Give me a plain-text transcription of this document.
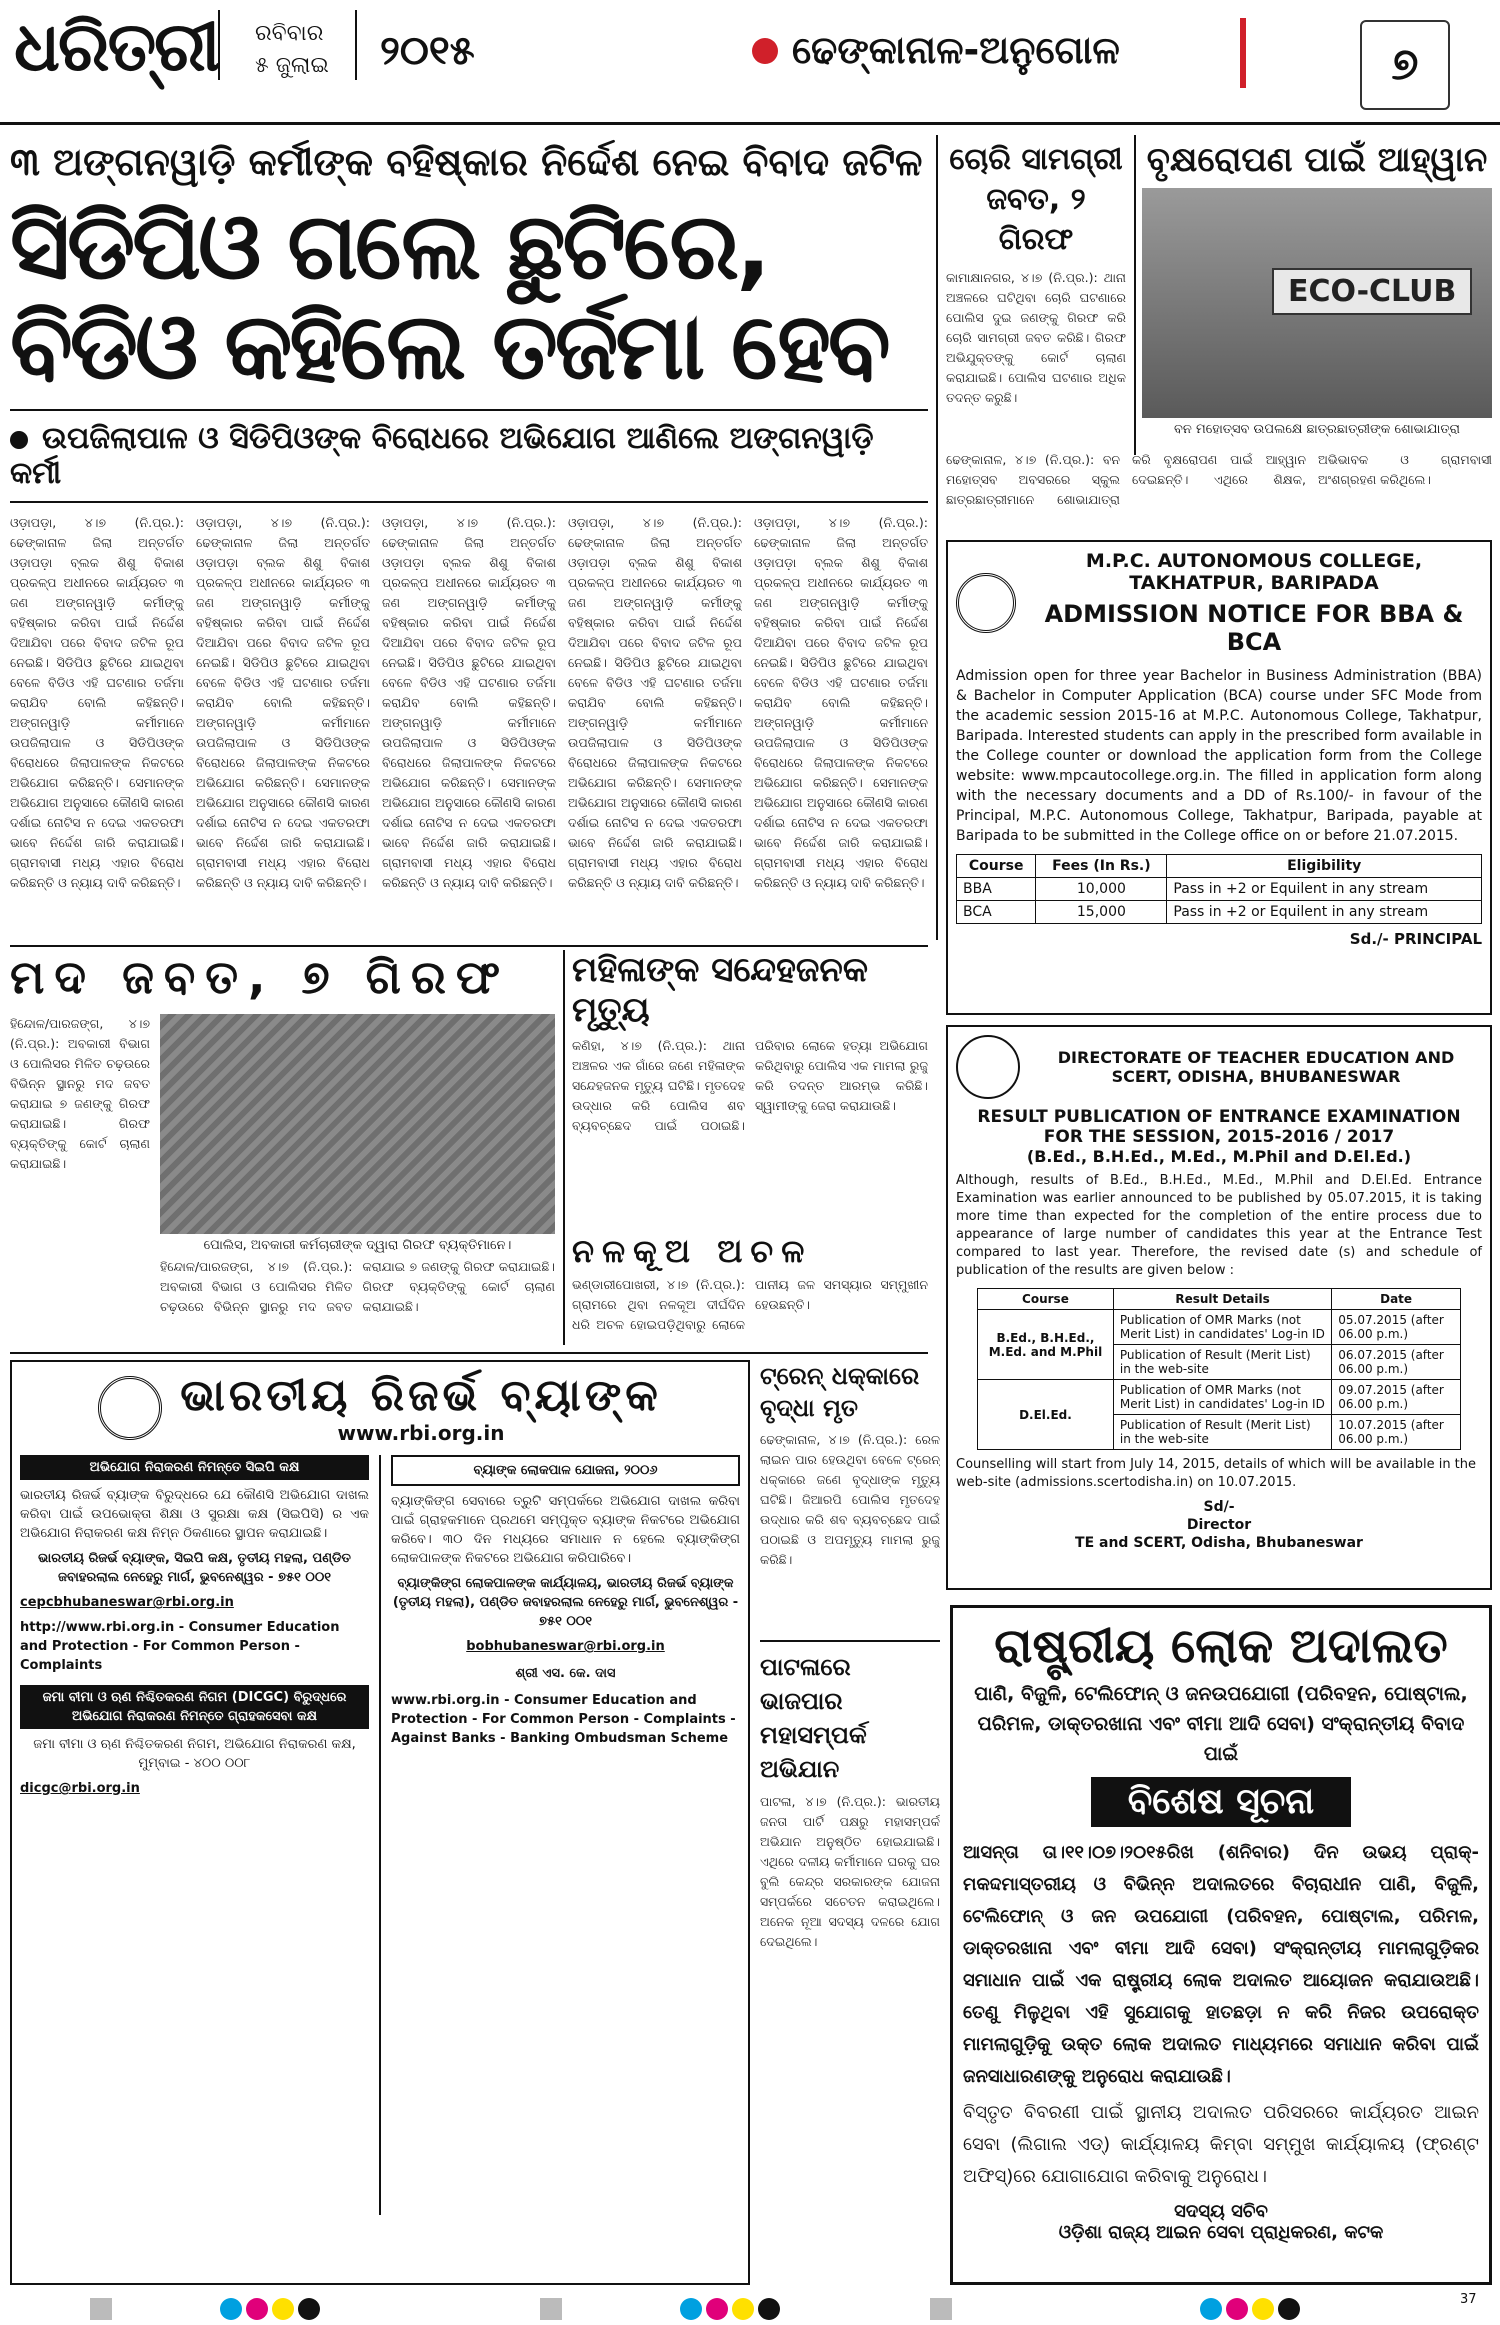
ଧରିତ୍ରୀ ରବିବାର
୫ ଜୁଲାଇ ୨୦୧୫	ଢେଙ୍କାନାଳ-ଅନୁଗୋଳ	୭
୩ ଅଙ୍ଗନୱାଡ଼ି କର୍ମୀଙ୍କ ବହିଷ୍କାର ନିର୍ଦ୍ଦେଶ ନେଇ ବିବାଦ ଜଟିଳ
ସିଡିପିଓ ଗଲେ ଛୁଟିରେ, ବିଡିଓ କହିଲେ ତର୍ଜମା ହେବ
ଉପଜିଲାପାଳ ଓ ସିଡିପିଓଙ୍କ ବିରୋଧରେ ଅଭିଯୋଗ ଆଣିଲେ ଅଙ୍ଗନୱାଡ଼ି କର୍ମୀ
ଓଡ଼ାପଡ଼ା, ୪।୭ (ନି.ପ୍ର.): ଢେଙ୍କାନାଳ ଜିଲା ଅନ୍ତର୍ଗତ ଓଡ଼ାପଡ଼ା ବ୍ଲକ ଶିଶୁ ବିକାଶ ପ୍ରକଳ୍ପ ଅଧୀନରେ କାର୍ଯ୍ୟରତ ୩ ଜଣ ଅଙ୍ଗନୱାଡ଼ି କର୍ମୀଙ୍କୁ ବହିଷ୍କାର କରିବା ପାଇଁ ନିର୍ଦ୍ଦେଶ ଦିଆଯିବା ପରେ ବିବାଦ ଜଟିଳ ରୂପ ନେଇଛି। ସିଡିପିଓ ଛୁଟିରେ ଯାଇଥିବା ବେଳେ ବିଡିଓ ଏହି ଘଟଣାର ତର୍ଜମା କରାଯିବ ବୋଲି କହିଛନ୍ତି। ଅଙ୍ଗନୱାଡ଼ି କର୍ମୀମାନେ ଉପଜିଲାପାଳ ଓ ସିଡିପିଓଙ୍କ ବିରୋଧରେ ଜିଲାପାଳଙ୍କ ନିକଟରେ ଅଭିଯୋଗ କରିଛନ୍ତି। ସେମାନଙ୍କ ଅଭିଯୋଗ ଅନୁସାରେ କୌଣସି କାରଣ ଦର୍ଶାଇ ନୋଟିସ ନ ଦେଇ ଏକତରଫା ଭାବେ ନିର୍ଦ୍ଦେଶ ଜାରି କରାଯାଇଛି। ଗ୍ରାମବାସୀ ମଧ୍ୟ ଏହାର ବିରୋଧ କରିଛନ୍ତି ଓ ନ୍ୟାୟ ଦାବି କରିଛନ୍ତି।
ଓଡ଼ାପଡ଼ା, ୪।୭ (ନି.ପ୍ର.): ଢେଙ୍କାନାଳ ଜିଲା ଅନ୍ତର୍ଗତ ଓଡ଼ାପଡ଼ା ବ୍ଲକ ଶିଶୁ ବିକାଶ ପ୍ରକଳ୍ପ ଅଧୀନରେ କାର୍ଯ୍ୟରତ ୩ ଜଣ ଅଙ୍ଗନୱାଡ଼ି କର୍ମୀଙ୍କୁ ବହିଷ୍କାର କରିବା ପାଇଁ ନିର୍ଦ୍ଦେଶ ଦିଆଯିବା ପରେ ବିବାଦ ଜଟିଳ ରୂପ ନେଇଛି। ସିଡିପିଓ ଛୁଟିରେ ଯାଇଥିବା ବେଳେ ବିଡିଓ ଏହି ଘଟଣାର ତର୍ଜମା କରାଯିବ ବୋଲି କହିଛନ୍ତି। ଅଙ୍ଗନୱାଡ଼ି କର୍ମୀମାନେ ଉପଜିଲାପାଳ ଓ ସିଡିପିଓଙ୍କ ବିରୋଧରେ ଜିଲାପାଳଙ୍କ ନିକଟରେ ଅଭିଯୋଗ କରିଛନ୍ତି। ସେମାନଙ୍କ ଅଭିଯୋଗ ଅନୁସାରେ କୌଣସି କାରଣ ଦର୍ଶାଇ ନୋଟିସ ନ ଦେଇ ଏକତରଫା ଭାବେ ନିର୍ଦ୍ଦେଶ ଜାରି କରାଯାଇଛି। ଗ୍ରାମବାସୀ ମଧ୍ୟ ଏହାର ବିରୋଧ କରିଛନ୍ତି ଓ ନ୍ୟାୟ ଦାବି କରିଛନ୍ତି।
ଓଡ଼ାପଡ଼ା, ୪।୭ (ନି.ପ୍ର.): ଢେଙ୍କାନାଳ ଜିଲା ଅନ୍ତର୍ଗତ ଓଡ଼ାପଡ଼ା ବ୍ଲକ ଶିଶୁ ବିକାଶ ପ୍ରକଳ୍ପ ଅଧୀନରେ କାର୍ଯ୍ୟରତ ୩ ଜଣ ଅଙ୍ଗନୱାଡ଼ି କର୍ମୀଙ୍କୁ ବହିଷ୍କାର କରିବା ପାଇଁ ନିର୍ଦ୍ଦେଶ ଦିଆଯିବା ପରେ ବିବାଦ ଜଟିଳ ରୂପ ନେଇଛି। ସିଡିପିଓ ଛୁଟିରେ ଯାଇଥିବା ବେଳେ ବିଡିଓ ଏହି ଘଟଣାର ତର୍ଜମା କରାଯିବ ବୋଲି କହିଛନ୍ତି। ଅଙ୍ଗନୱାଡ଼ି କର୍ମୀମାନେ ଉପଜିଲାପାଳ ଓ ସିଡିପିଓଙ୍କ ବିରୋଧରେ ଜିଲାପାଳଙ୍କ ନିକଟରେ ଅଭିଯୋଗ କରିଛନ୍ତି। ସେମାନଙ୍କ ଅଭିଯୋଗ ଅନୁସାରେ କୌଣସି କାରଣ ଦର୍ଶାଇ ନୋଟିସ ନ ଦେଇ ଏକତରଫା ଭାବେ ନିର୍ଦ୍ଦେଶ ଜାରି କରାଯାଇଛି। ଗ୍ରାମବାସୀ ମଧ୍ୟ ଏହାର ବିରୋଧ କରିଛନ୍ତି ଓ ନ୍ୟାୟ ଦାବି କରିଛନ୍ତି।
ଓଡ଼ାପଡ଼ା, ୪।୭ (ନି.ପ୍ର.): ଢେଙ୍କାନାଳ ଜିଲା ଅନ୍ତର୍ଗତ ଓଡ଼ାପଡ଼ା ବ୍ଲକ ଶିଶୁ ବିକାଶ ପ୍ରକଳ୍ପ ଅଧୀନରେ କାର୍ଯ୍ୟରତ ୩ ଜଣ ଅଙ୍ଗନୱାଡ଼ି କର୍ମୀଙ୍କୁ ବହିଷ୍କାର କରିବା ପାଇଁ ନିର୍ଦ୍ଦେଶ ଦିଆଯିବା ପରେ ବିବାଦ ଜଟିଳ ରୂପ ନେଇଛି। ସିଡିପିଓ ଛୁଟିରେ ଯାଇଥିବା ବେଳେ ବିଡିଓ ଏହି ଘଟଣାର ତର୍ଜମା କରାଯିବ ବୋଲି କହିଛନ୍ତି। ଅଙ୍ଗନୱାଡ଼ି କର୍ମୀମାନେ ଉପଜିଲାପାଳ ଓ ସିଡିପିଓଙ୍କ ବିରୋଧରେ ଜିଲାପାଳଙ୍କ ନିକଟରେ ଅଭିଯୋଗ କରିଛନ୍ତି। ସେମାନଙ୍କ ଅଭିଯୋଗ ଅନୁସାରେ କୌଣସି କାରଣ ଦର୍ଶାଇ ନୋଟିସ ନ ଦେଇ ଏକତରଫା ଭାବେ ନିର୍ଦ୍ଦେଶ ଜାରି କରାଯାଇଛି। ଗ୍ରାମବାସୀ ମଧ୍ୟ ଏହାର ବିରୋଧ କରିଛନ୍ତି ଓ ନ୍ୟାୟ ଦାବି କରିଛନ୍ତି।
ଓଡ଼ାପଡ଼ା, ୪।୭ (ନି.ପ୍ର.): ଢେଙ୍କାନାଳ ଜିଲା ଅନ୍ତର୍ଗତ ଓଡ଼ାପଡ଼ା ବ୍ଲକ ଶିଶୁ ବିକାଶ ପ୍ରକଳ୍ପ ଅଧୀନରେ କାର୍ଯ୍ୟରତ ୩ ଜଣ ଅଙ୍ଗନୱାଡ଼ି କର୍ମୀଙ୍କୁ ବହିଷ୍କାର କରିବା ପାଇଁ ନିର୍ଦ୍ଦେଶ ଦିଆଯିବା ପରେ ବିବାଦ ଜଟିଳ ରୂପ ନେଇଛି। ସିଡିପିଓ ଛୁଟିରେ ଯାଇଥିବା ବେଳେ ବିଡିଓ ଏହି ଘଟଣାର ତର୍ଜମା କରାଯିବ ବୋଲି କହିଛନ୍ତି। ଅଙ୍ଗନୱାଡ଼ି କର୍ମୀମାନେ ଉପଜିଲାପାଳ ଓ ସିଡିପିଓଙ୍କ ବିରୋଧରେ ଜିଲାପାଳଙ୍କ ନିକଟରେ ଅଭିଯୋଗ କରିଛନ୍ତି। ସେମାନଙ୍କ ଅଭିଯୋଗ ଅନୁସାରେ କୌଣସି କାରଣ ଦର୍ଶାଇ ନୋଟିସ ନ ଦେଇ ଏକତରଫା ଭାବେ ନିର୍ଦ୍ଦେଶ ଜାରି କରାଯାଇଛି। ଗ୍ରାମବାସୀ ମଧ୍ୟ ଏହାର ବିରୋଧ କରିଛନ୍ତି ଓ ନ୍ୟାୟ ଦାବି କରିଛନ୍ତି।
ଚୋରି ସାମଗ୍ରୀ ଜବତ, ୨ ଗିରଫ
କାମାକ୍ଷାନଗର, ୪।୭ (ନି.ପ୍ର.): ଥାନା ଅଞ୍ଚଳରେ ଘଟିଥିବା ଚୋରି ଘଟଣାରେ ପୋଲିସ ଦୁଇ ଜଣଙ୍କୁ ଗିରଫ କରି ଚୋରି ସାମଗ୍ରୀ ଜବତ କରିଛି। ଗିରଫ ଅଭିଯୁକ୍ତଙ୍କୁ କୋର୍ଟ ଚାଲାଣ କରାଯାଇଛି। ପୋଲିସ ଘଟଣାର ଅଧିକ ତଦନ୍ତ କରୁଛି।
ବୃକ୍ଷରୋପଣ ପାଇଁ ଆହ୍ୱାନ
ECO-CLUB
ବନ ମହୋତ୍ସବ ଉପଲକ୍ଷେ ଛାତ୍ରଛାତ୍ରୀଙ୍କ ଶୋଭାଯାତ୍ରା
ଢେଙ୍କାନାଳ, ୪।୭ (ନି.ପ୍ର.): ବନ ମହୋତ୍ସବ ଅବସରରେ ସ୍କୁଲ ଛାତ୍ରଛାତ୍ରୀମାନେ ଶୋଭାଯାତ୍ରା କରି ବୃକ୍ଷରୋପଣ ପାଇଁ ଆହ୍ୱାନ ଦେଇଛନ୍ତି। ଏଥିରେ ଶିକ୍ଷକ, ଅଭିଭାବକ ଓ ଗ୍ରାମବାସୀ ଅଂଶଗ୍ରହଣ କରିଥିଲେ।
M.P.C. AUTONOMOUS COLLEGE, TAKHATPUR, BARIPADA
ADMISSION NOTICE FOR BBA & BCA
Admission open for three year Bachelor in Business Administration (BBA) & Bachelor in Computer Application (BCA) course under SFC Mode from the academic session 2015-16 at M.P.C. Autonomous College, Takhatpur, Baripada. Interested students can apply in the prescribed form available in the College counter or download the application form from the College website: www.mpcautocollege.org.in. The filled in application form along with the necessary documents and a DD of Rs.100/- in favour of the Principal, M.P.C. Autonomous College, Takhatpur, Baripada, payable at Baripada to be submitted in the College office on or before 21.07.2015.
Course	Fees (In Rs.)	Eligibility
BBA	10,000	Pass in +2 or Equilent in any stream
BCA	15,000	Pass in +2 or Equilent in any stream
Sd./- PRINCIPAL
ମଦ ଜବତ, ୭ ଗିରଫ
ହିନ୍ଦୋଳ/ପାରଜଙ୍ଗ, ୪।୭ (ନି.ପ୍ର.): ଅବକାରୀ ବିଭାଗ ଓ ପୋଲିସର ମିଳିତ ଚଢ଼ଉରେ ବିଭିନ୍ନ ସ୍ଥାନରୁ ମଦ ଜବତ କରାଯାଇ ୭ ଜଣଙ୍କୁ ଗିରଫ କରାଯାଇଛି। ଗିରଫ ବ୍ୟକ୍ତିଙ୍କୁ କୋର୍ଟ ଚାଲାଣ କରାଯାଇଛି।
ପୋଲିସ, ଅବକାରୀ କର୍ମଚାରୀଙ୍କ ଦ୍ୱାରା ଗିରଫ ବ୍ୟକ୍ତିମାନେ।
ହିନ୍ଦୋଳ/ପାରଜଙ୍ଗ, ୪।୭ (ନି.ପ୍ର.): ଅବକାରୀ ବିଭାଗ ଓ ପୋଲିସର ମିଳିତ ଚଢ଼ଉରେ ବିଭିନ୍ନ ସ୍ଥାନରୁ ମଦ ଜବତ କରାଯାଇ ୭ ଜଣଙ୍କୁ ଗିରଫ କରାଯାଇଛି। ଗିରଫ ବ୍ୟକ୍ତିଙ୍କୁ କୋର୍ଟ ଚାଲାଣ କରାଯାଇଛି।
ମହିଳାଙ୍କ ସନ୍ଦେହଜନକ ମୃତ୍ୟୁ
କଣିହା, ୪।୭ (ନି.ପ୍ର.): ଥାନା ଅଞ୍ଚଳର ଏକ ଗାଁରେ ଜଣେ ମହିଳାଙ୍କ ସନ୍ଦେହଜନକ ମୃତ୍ୟୁ ଘଟିଛି। ମୃତଦେହ ଉଦ୍ଧାର କରି ପୋଲିସ ଶବ ବ୍ୟବଚ୍ଛେଦ ପାଇଁ ପଠାଇଛି। ପରିବାର ଲୋକେ ହତ୍ୟା ଅଭିଯୋଗ କରିଥିବାରୁ ପୋଲିସ ଏକ ମାମଲା ରୁଜୁ କରି ତଦନ୍ତ ଆରମ୍ଭ କରିଛି। ସ୍ୱାମୀଙ୍କୁ ଜେରା କରାଯାଉଛି।
ନଳକୂଅ ଅଚଳ
ଭଣ୍ଡାରୀପୋଖରୀ, ୪।୭ (ନି.ପ୍ର.): ଗ୍ରାମରେ ଥିବା ନଳକୂଅ ଦୀର୍ଘଦିନ ଧରି ଅଚଳ ହୋଇପଡ଼ିଥିବାରୁ ଲୋକେ ପାନୀୟ ଜଳ ସମସ୍ୟାର ସମ୍ମୁଖୀନ ହେଉଛନ୍ତି।
DIRECTORATE OF TEACHER EDUCATION AND SCERT, ODISHA, BHUBANESWAR
RESULT PUBLICATION OF ENTRANCE EXAMINATION FOR THE SESSION, 2015-2016 / 2017
(B.Ed., B.H.Ed., M.Ed., M.Phil and D.El.Ed.)
Although, results of B.Ed., B.H.Ed., M.Ed., M.Phil and D.El.Ed. Entrance Examination was earlier announced to be published by 05.07.2015, it is taking more time than expected for the completion of the entire process due to appearance of large number of candidates this year at the Entrance Test compared to last year. Therefore, the revised date (s) and schedule of publication of the results are given below :
Course	Result Details	Date
B.Ed., B.H.Ed., M.Ed. and M.Phil	Publication of OMR Marks (not Merit List) in candidates' Log-in ID	05.07.2015 (after 06.00 p.m.)
	Publication of Result (Merit List) in the web-site	06.07.2015 (after 06.00 p.m.)
D.El.Ed.	Publication of OMR Marks (not Merit List) in candidates' Log-in ID	09.07.2015 (after 06.00 p.m.)
	Publication of Result (Merit List) in the web-site	10.07.2015 (after 06.00 p.m.)
Counselling will start from July 14, 2015, details of which will be available in the web-site (admissions.scertodisha.in) on 10.07.2015.
Sd/-
Director
TE and SCERT, Odisha, Bhubaneswar
ଭାରତୀୟ ରିଜର୍ଭ ବ୍ୟାଙ୍କ
www.rbi.org.in
ଅଭିଯୋଗ ନିରାକରଣ ନିମନ୍ତେ ସିଇପି କକ୍ଷ
ଭାରତୀୟ ରିଜର୍ଭ ବ୍ୟାଙ୍କ ବିରୁଦ୍ଧରେ ଯେ କୌଣସି ଅଭିଯୋଗ ଦାଖଲ କରିବା ପାଇଁ ଉପଭୋକ୍ତା ଶିକ୍ଷା ଓ ସୁରକ୍ଷା କକ୍ଷ (ସିଇପିସି) ର ଏକ ଅଭିଯୋଗ ନିରାକରଣ କକ୍ଷ ନିମ୍ନ ଠିକଣାରେ ସ୍ଥାପନ କରାଯାଇଛି।
ଭାରତୀୟ ରିଜର୍ଭ ବ୍ୟାଙ୍କ, ସିଇପି କକ୍ଷ, ତୃତୀୟ ମହଲା, ପଣ୍ଡିତ ଜବାହରଲାଲ ନେହେରୁ ମାର୍ଗ, ଭୁବନେଶ୍ୱର - ୭୫୧ ୦୦୧
cepcbhubaneswar@rbi.org.in
http://www.rbi.org.in - Consumer Education and Protection - For Common Person - Complaints
ଜମା ବୀମା ଓ ଋଣ ନିଶ୍ଚିତକରଣ ନିଗମ (DICGC) ବିରୁଦ୍ଧରେ ଅଭିଯୋଗ ନିରାକରଣ ନିମନ୍ତେ ଗ୍ରାହକସେବା କକ୍ଷ
ଜମା ବୀମା ଓ ଋଣ ନିଶ୍ଚିତକରଣ ନିଗମ, ଅଭିଯୋଗ ନିରାକରଣ କକ୍ଷ, ମୁମ୍ବାଇ - ୪୦୦ ୦୦୮
dicgc@rbi.org.in
ବ୍ୟାଙ୍କ ଲୋକପାଳ ଯୋଜନା, ୨୦୦୬
ବ୍ୟାଙ୍କିଙ୍ଗ ସେବାରେ ତ୍ରୁଟି ସମ୍ପର୍କରେ ଅଭିଯୋଗ ଦାଖଲ କରିବା ପାଇଁ ଗ୍ରାହକମାନେ ପ୍ରଥମେ ସମ୍ପୃକ୍ତ ବ୍ୟାଙ୍କ ନିକଟରେ ଅଭିଯୋଗ କରିବେ। ୩୦ ଦିନ ମଧ୍ୟରେ ସମାଧାନ ନ ହେଲେ ବ୍ୟାଙ୍କିଙ୍ଗ ଲୋକପାଳଙ୍କ ନିକଟରେ ଅଭିଯୋଗ କରିପାରିବେ।
ବ୍ୟାଙ୍କିଙ୍ଗ ଲୋକପାଳଙ୍କ କାର୍ଯ୍ୟାଳୟ, ଭାରତୀୟ ରିଜର୍ଭ ବ୍ୟାଙ୍କ (ତୃତୀୟ ମହଲା), ପଣ୍ଡିତ ଜବାହରଲାଲ ନେହେରୁ ମାର୍ଗ, ଭୁବନେଶ୍ୱର - ୭୫୧ ୦୦୧
bobhubaneswar@rbi.org.in
ଶ୍ରୀ ଏସ. କେ. ଦାସ
www.rbi.org.in - Consumer Education and Protection - For Common Person - Complaints - Against Banks - Banking Ombudsman Scheme
ଟ୍ରେନ୍ ଧକ୍କାରେ ବୃଦ୍ଧା ମୃତ
ଢେଙ୍କାନାଳ, ୪।୭ (ନି.ପ୍ର.): ରେଳ ଲାଇନ ପାର ହେଉଥିବା ବେଳେ ଟ୍ରେନ୍ ଧକ୍କାରେ ଜଣେ ବୃଦ୍ଧାଙ୍କ ମୃତ୍ୟୁ ଘଟିଛି। ଜିଆରପି ପୋଲିସ ମୃତଦେହ ଉଦ୍ଧାର କରି ଶବ ବ୍ୟବଚ୍ଛେଦ ପାଇଁ ପଠାଇଛି ଓ ଅପମୃତ୍ୟୁ ମାମଲା ରୁଜୁ କରିଛି।
ପାଟଳାରେ ଭାଜପାର ମହାସମ୍ପର୍କ ଅଭିଯାନ
ପାଟଳା, ୪।୭ (ନି.ପ୍ର.): ଭାରତୀୟ ଜନତା ପାର୍ଟି ପକ୍ଷରୁ ମହାସମ୍ପର୍କ ଅଭିଯାନ ଅନୁଷ୍ଠିତ ହୋଇଯାଇଛି। ଏଥିରେ ଦଳୀୟ କର୍ମୀମାନେ ଘରକୁ ଘର ବୁଲି କେନ୍ଦ୍ର ସରକାରଙ୍କ ଯୋଜନା ସମ୍ପର୍କରେ ସଚେତନ କରାଇଥିଲେ। ଅନେକ ନୂଆ ସଦସ୍ୟ ଦଳରେ ଯୋଗ ଦେଇଥିଲେ।
ରାଷ୍ଟ୍ରୀୟ ଲୋକ ଅଦାଲତ
ପାଣି, ବିଜୁଳି, ଟେଲିଫୋନ୍ ଓ ଜନଉପଯୋଗୀ (ପରିବହନ, ପୋଷ୍ଟାଲ, ପରିମଳ, ଡାକ୍ତରଖାନା ଏବଂ ବୀମା ଆଦି ସେବା) ସଂକ୍ରାନ୍ତୀୟ ବିବାଦ ପାଇଁ
ବିଶେଷ ସୂଚନା
ଆସନ୍ତା ତା।୧୧।୦୭।୨୦୧୫ରିଖ (ଶନିବାର) ଦିନ ଉଭୟ ପ୍ରାକ୍-ମକଦ୍ଦମାସ୍ତରୀୟ ଓ ବିଭିନ୍ନ ଅଦାଲତରେ ବିଚାରାଧୀନ ପାଣି, ବିଜୁଳି, ଟେଲିଫୋନ୍ ଓ ଜନ ଉପଯୋଗୀ (ପରିବହନ, ପୋଷ୍ଟାଲ, ପରିମଳ, ଡାକ୍ତରଖାନା ଏବଂ ବୀମା ଆଦି ସେବା) ସଂକ୍ରାନ୍ତୀୟ ମାମଲାଗୁଡ଼ିକର ସମାଧାନ ପାଇଁ ଏକ ରାଷ୍ଟ୍ରୀୟ ଲୋକ ଅଦାଲତ ଆୟୋଜନ କରାଯାଉଅଛି। ତେଣୁ ମିଳୁଥିବା ଏହି ସୁଯୋଗକୁ ହାତଛଡ଼ା ନ କରି ନିଜର ଉପରୋକ୍ତ ମାମଲାଗୁଡ଼ିକୁ ଉକ୍ତ ଲୋକ ଅଦାଲତ ମାଧ୍ୟମରେ ସମାଧାନ କରିବା ପାଇଁ ଜନସାଧାରଣଙ୍କୁ ଅନୁରୋଧ କରାଯାଉଛି।
ବିସ୍ତୃତ ବିବରଣୀ ପାଇଁ ସ୍ଥାନୀୟ ଅଦାଲତ ପରିସରରେ କାର୍ଯ୍ୟରତ ଆଇନ ସେବା (ଲିଗାଲ ଏଡ୍) କାର୍ଯ୍ୟାଳୟ କିମ୍ବା ସମ୍ମୁଖ କାର୍ଯ୍ୟାଳୟ (ଫ୍ରଣ୍ଟ ଅଫିସ୍)ରେ ଯୋଗାଯୋଗ କରିବାକୁ ଅନୁରୋଧ।
ସଦସ୍ୟ ସଚିବ
ଓଡ଼ିଶା ରାଜ୍ୟ ଆଇନ ସେବା ପ୍ରାଧିକରଣ, କଟକ
37
